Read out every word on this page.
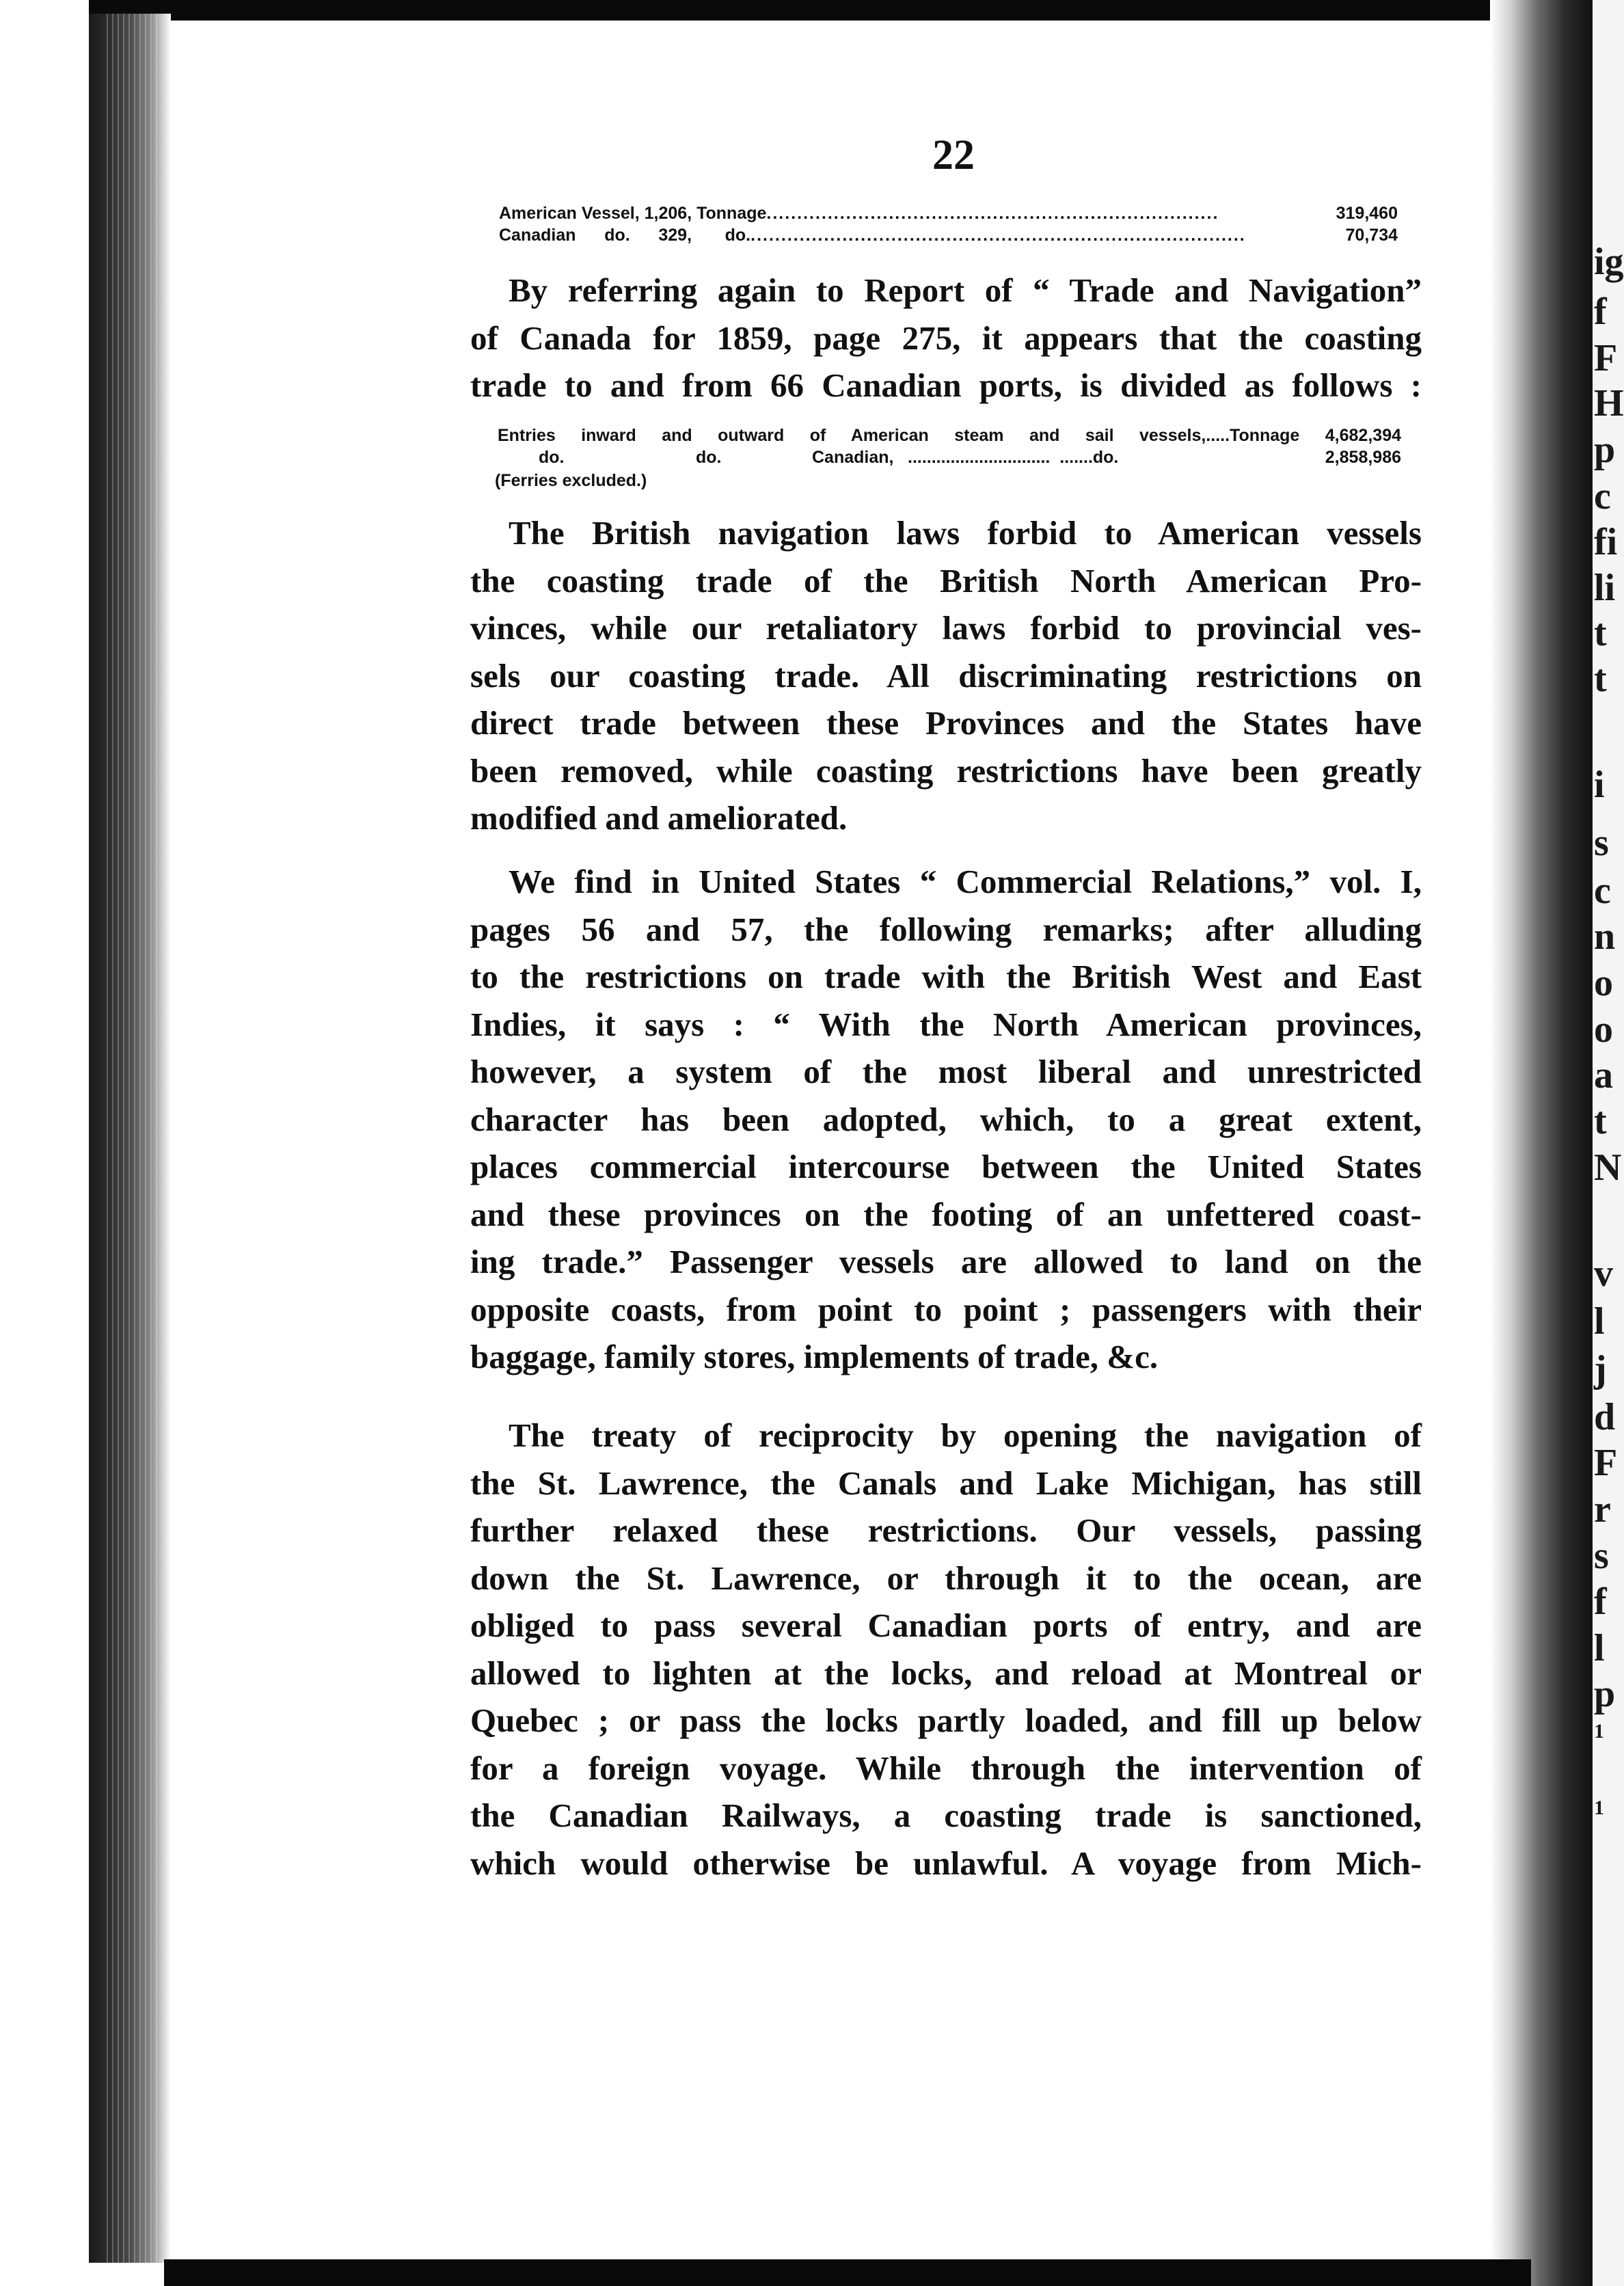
ig
f
F
H
p
c
fi
li
t
t
i
s
c
n
o
o
a
t
N
v
l
j
d
F
r
s
f
l
p
1
1
22
American Vessel, 1,206, Tonnage ..........................................................................	319,460
Canadian      do.      329,       do. .................................................................................	70,734
By referring again to Report of “ Trade and Navigation”
of Canada for 1859, page 275, it appears that the coasting
trade to and from 66 Canadian ports, is divided as follows :
Entries inward and outward of American steam and sail vessels,.....Tonnage 4,682,394
do.	do.	Canadian, ..............................  .......do.	2,858,986
(Ferries excluded.)
The British navigation laws forbid to American vessels
the coasting trade of the British North American Pro-
vinces, while our retaliatory laws forbid to provincial ves-
sels our coasting trade. All discriminating restrictions on
direct trade between these Provinces and the States have
been removed, while coasting restrictions have been greatly
modified and ameliorated.
We find in United States “ Commercial Relations,” vol. I,
pages 56 and 57, the following remarks; after alluding
to the restrictions on trade with the British West and East
Indies, it says : “ With the North American provinces,
however, a system of the most liberal and unrestricted
character has been adopted, which, to a great extent,
places commercial intercourse between the United States
and these provinces on the footing of an unfettered coast-
ing trade.” Passenger vessels are allowed to land on the
opposite coasts, from point to point ; passengers with their
baggage, family stores, implements of trade, &c.
The treaty of reciprocity by opening the navigation of
the St. Lawrence, the Canals and Lake Michigan, has still
further relaxed these restrictions. Our vessels, passing
down the St. Lawrence, or through it to the ocean, are
obliged to pass several Canadian ports of entry, and are
allowed to lighten at the locks, and reload at Montreal or
Quebec ; or pass the locks partly loaded, and fill up below
for a foreign voyage. While through the intervention of
the Canadian Railways, a coasting trade is sanctioned,
which would otherwise be unlawful. A voyage from Mich-
